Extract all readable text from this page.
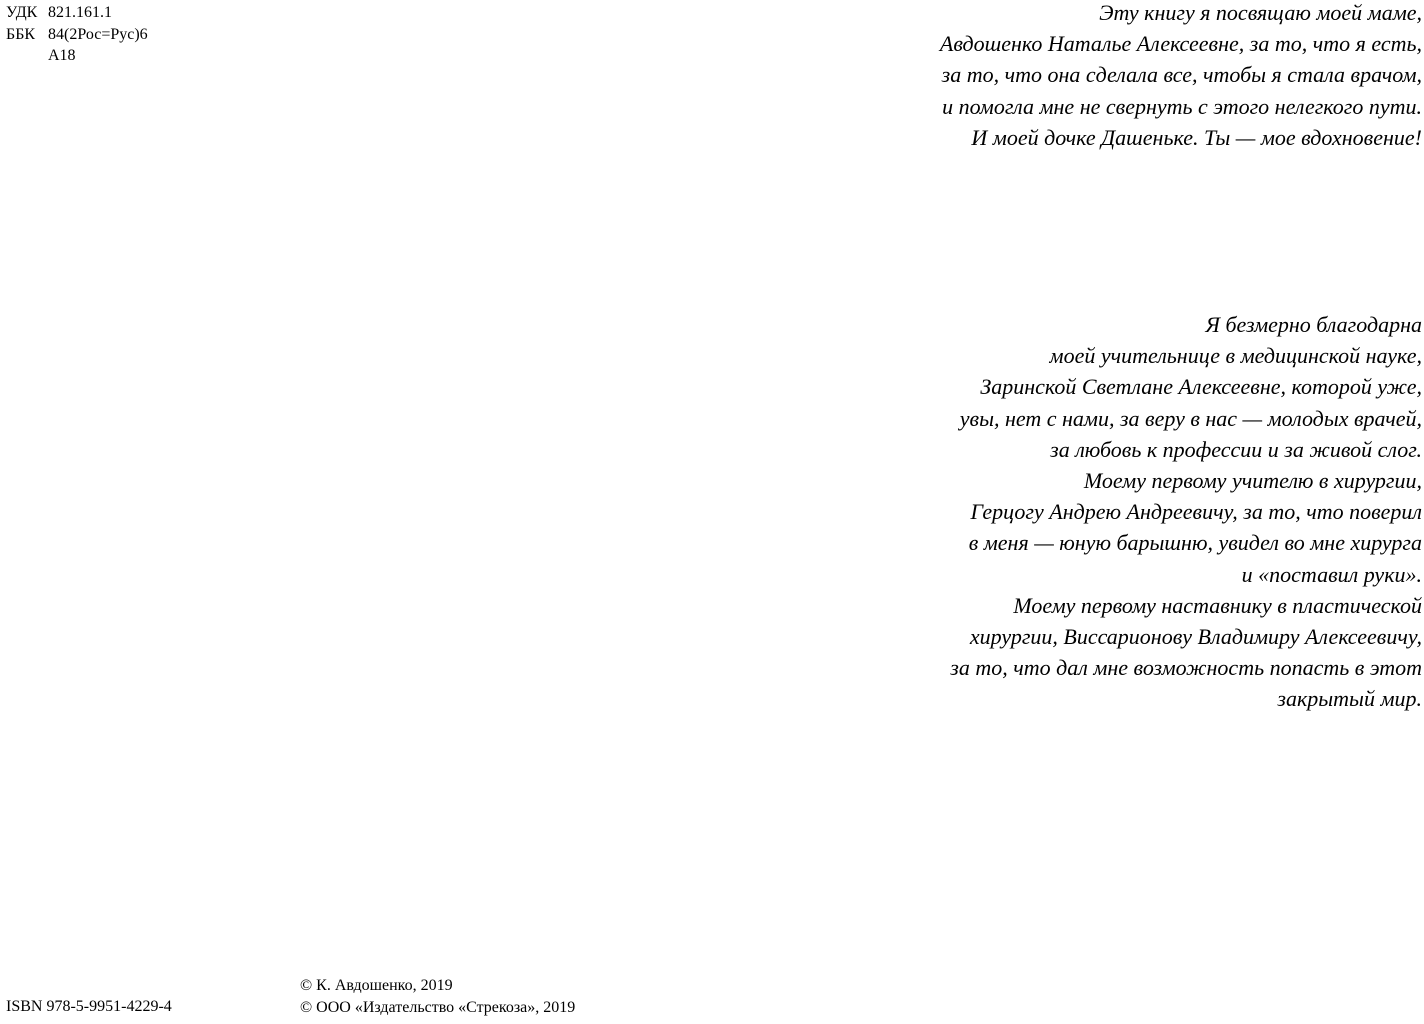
УДК 821.161.1
ББК 84(2Рос=Рус)6
А18
Эту книгу я посвящаю моей маме,
Авдошенко Наталье Алексеевне, за то, что я есть,
за то, что она сделала все, чтобы я стала врачом,
и помогла мне не свернуть с этого нелегкого пути.
И моей дочке Дашеньке. Ты — мое вдохновение!
Я безмерно благодарна
моей учительнице в медицинской науке,
Заринской Светлане Алексеевне, которой уже,
увы, нет с нами, за веру в нас — молодых врачей,
за любовь к профессии и за живой слог.
Моему первому учителю в хирургии,
Герцогу Андрею Андреевичу, за то, что поверил
в меня — юную барышню, увидел во мне хирурга
и «поставил руки».
Моему первому наставнику в пластической
хирургии, Виссарионову Владимиру Алексеевичу,
за то, что дал мне возможность попасть в этот
закрытый мир.
ISBN 978-5-9951-4229-4
© К. Авдошенко, 2019
© ООО «Издательство «Стрекоза», 2019
